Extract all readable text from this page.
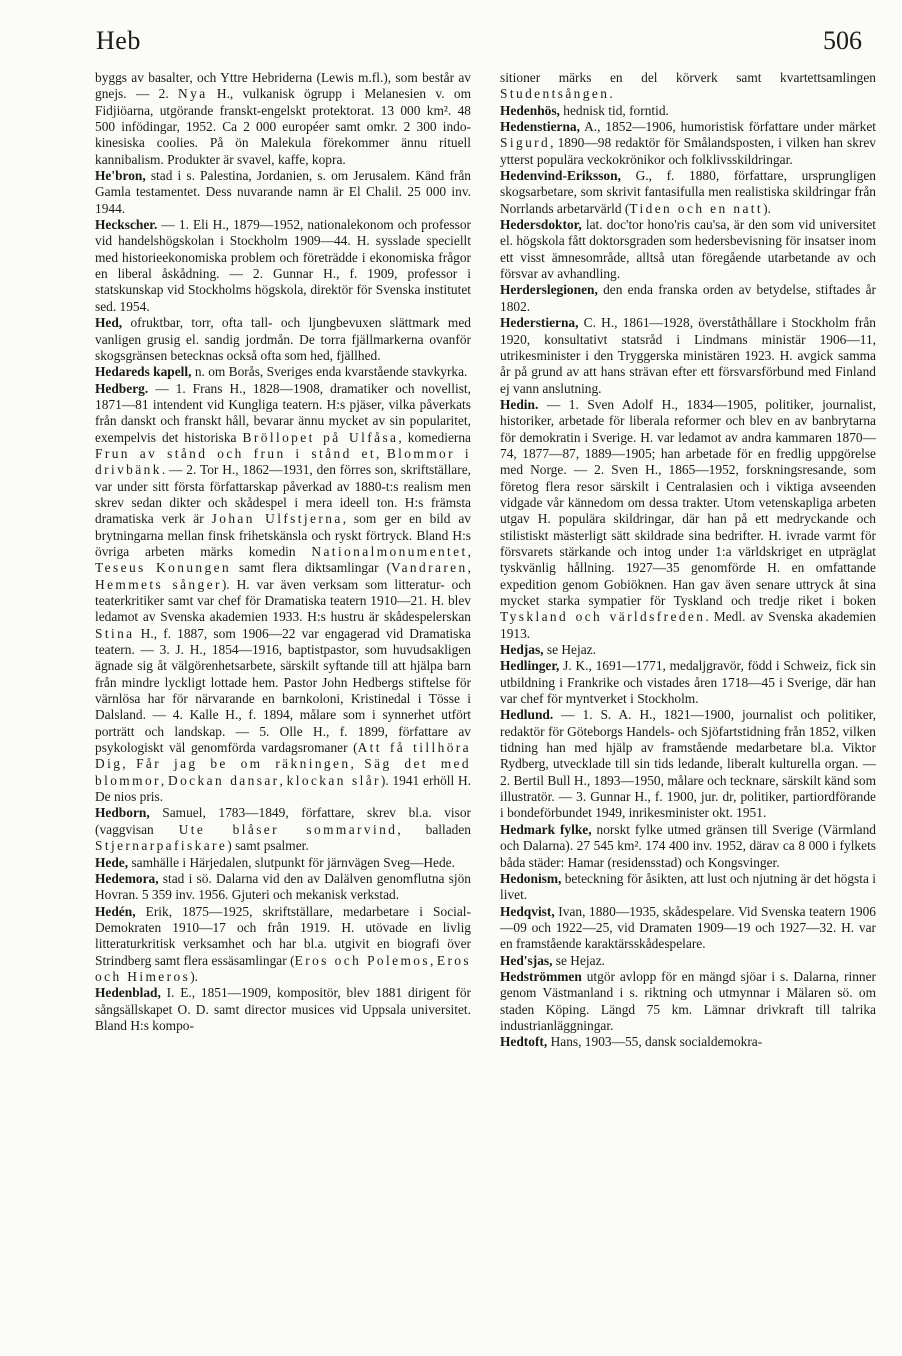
Heb	506

byggs av basalter, och Yttre Hebriderna (Lewis m.fl.), som består av gnejs. — 2. Nya H., vulkanisk ögrupp i Melanesien v. om Fidjiöarna, utgörande franskt-engelskt protektorat. 13 000 km². 48 500 infödingar, 1952. Ca 2 000 européer samt omkr. 2 300 indo-kinesiska coolies. På ön Malekula förekommer ännu rituell kannibalism. Produkter är svavel, kaffe, kopra.

He'bron, stad i s. Palestina, Jordanien, s. om Jerusalem. Känd från Gamla testamentet. Dess nuvarande namn är El Chalil. 25 000 inv. 1944.

Heckscher. — 1. Eli H., 1879—1952, nationalekonom och professor vid handelshögskolan i Stockholm 1909—44. H. sysslade speciellt med historieekonomiska problem och företrädde i ekonomiska frågor en liberal åskådning. — 2. Gunnar H., f. 1909, professor i statskunskap vid Stockholms högskola, direktör för Svenska institutet sed. 1954.

Hed, ofruktbar, torr, ofta tall- och ljungbevuxen slättmark med vanligen grusig el. sandig jordmån. De torra fjällmarkerna ovanför skogsgränsen betecknas också ofta som hed, fjällhed.

Hedareds kapell, n. om Borås, Sveriges enda kvarstående stavkyrka.

Hedberg. — 1. Frans H., 1828—1908, dramatiker och novellist, 1871—81 intendent vid Kungliga teatern. H:s pjäser, vilka påverkats från danskt och franskt håll, bevarar ännu mycket av sin popularitet, exempelvis det historiska Bröllopet på Ulfåsa, komedierna Frun av stånd och frun i stånd et, Blommor i drivbänk. — 2. Tor H., 1862—1931, den förres son, skriftställare, var under sitt första författarskap påverkad av 1880-t:s realism men skrev sedan dikter och skådespel i mera ideell ton. H:s främsta dramatiska verk är Johan Ulfstjerna, som ger en bild av brytningarna mellan finsk frihetskänsla och ryskt förtryck. Bland H:s övriga arbeten märks komedin Nationalmonumentet, Teseus Konungen samt flera diktsamlingar (Vandraren, Hemmets sånger). H. var även verksam som litteratur- och teaterkritiker samt var chef för Dramatiska teatern 1910—21. H. blev ledamot av Svenska akademien 1933. H:s hustru är skådespelerskan Stina H., f. 1887, som 1906—22 var engagerad vid Dramatiska teatern. — 3. J. H., 1854—1916, baptistpastor, som huvudsakligen ägnade sig åt välgörenhetsarbete, särskilt syftande till att hjälpa barn från mindre lyckligt lottade hem. Pastor John Hedbergs stiftelse för värnlösa har för närvarande en barnkoloni, Kristinedal i Tösse i Dalsland. — 4. Kalle H., f. 1894, målare som i synnerhet utfört porträtt och landskap. — 5. Olle H., f. 1899, författare av psykologiskt väl genomförda vardagsromaner (Att få tillhöra Dig, Får jag be om räkningen, Säg det med blommor, Dockan dansar, klockan slår). 1941 erhöll H. De nios pris.

Hedborn, Samuel, 1783—1849, författare, skrev bl.a. visor (vaggvisan Ute blåser sommarvind, balladen Stjernarpafiskare) samt psalmer.

Hede, samhälle i Härjedalen, slutpunkt för järnvägen Sveg—Hede.

Hedemora, stad i sö. Dalarna vid den av Dalälven genomflutna sjön Hovran. 5 359 inv. 1956. Gjuteri och mekanisk verkstad.

Hedén, Erik, 1875—1925, skriftställare, medarbetare i Social-Demokraten 1910—17 och från 1919. H. utövade en livlig litteraturkritisk verksamhet och har bl.a. utgivit en biografi över Strindberg samt flera essäsamlingar (Eros och Polemos, Eros och Himeros).

Hedenblad, I. E., 1851—1909, kompositör, blev 1881 dirigent för sångsällskapet O. D. samt director musices vid Uppsala universitet. Bland H:s kompo-

sitioner märks en del körverk samt kvartettsamlingen Studentsången.

Hedenhös, hednisk tid, forntid.

Hedenstierna, A., 1852—1906, humoristisk författare under märket Sigurd, 1890—98 redaktör för Smålandsposten, i vilken han skrev ytterst populära veckokrönikor och folklivsskildringar.

Hedenvind-Eriksson, G., f. 1880, författare, ursprungligen skogsarbetare, som skrivit fantasifulla men realistiska skildringar från Norrlands arbetarvärld (Tiden och en natt).

Hedersdoktor, lat. doc'tor hono'ris cau'sa, är den som vid universitet el. högskola fått doktorsgraden som hedersbevisning för insatser inom ett visst ämnesområde, alltså utan föregående utarbetande av och försvar av avhandling.

Herderslegionen, den enda franska orden av betydelse, stiftades år 1802.

Hederstierna, C. H., 1861—1928, överståthållare i Stockholm från 1920, konsultativt statsråd i Lindmans ministär 1906—11, utrikesminister i den Tryggerska ministären 1923. H. avgick samma år på grund av att hans strävan efter ett försvarsförbund med Finland ej vann anslutning.

Hedin. — 1. Sven Adolf H., 1834—1905, politiker, journalist, historiker, arbetade för liberala reformer och blev en av banbrytarna för demokratin i Sverige. H. var ledamot av andra kammaren 1870—74, 1877—87, 1889—1905; han arbetade för en fredlig uppgörelse med Norge. — 2. Sven H., 1865—1952, forskningsresande, som företog flera resor särskilt i Centralasien och i viktiga avseenden vidgade vår kännedom om dessa trakter. Utom vetenskapliga arbeten utgav H. populära skildringar, där han på ett medryckande och stilistiskt mästerligt sätt skildrade sina bedrifter. H. ivrade varmt för försvarets stärkande och intog under 1:a världskriget en utpräglat tyskvänlig hållning. 1927—35 genomförde H. en omfattande expedition genom Gobiöknen. Han gav även senare uttryck åt sina mycket starka sympatier för Tyskland och tredje riket i boken Tyskland och världsfreden. Medl. av Svenska akademien 1913.

Hedjas, se Hejaz.

Hedlinger, J. K., 1691—1771, medaljgravör, född i Schweiz, fick sin utbildning i Frankrike och vistades åren 1718—45 i Sverige, där han var chef för myntverket i Stockholm.

Hedlund. — 1. S. A. H., 1821—1900, journalist och politiker, redaktör för Göteborgs Handels- och Sjöfartstidning från 1852, vilken tidning han med hjälp av framstående medarbetare bl.a. Viktor Rydberg, utvecklade till sin tids ledande, liberalt kulturella organ. — 2. Bertil Bull H., 1893—1950, målare och tecknare, särskilt känd som illustratör. — 3. Gunnar H., f. 1900, jur. dr, politiker, partiordförande i bondeförbundet 1949, inrikesminister okt. 1951.

Hedmark fylke, norskt fylke utmed gränsen till Sverige (Värmland och Dalarna). 27 545 km². 174 400 inv. 1952, därav ca 8 000 i fylkets båda städer: Hamar (residensstad) och Kongsvinger.

Hedonism, beteckning för åsikten, att lust och njutning är det högsta i livet.

Hedqvist, Ivan, 1880—1935, skådespelare. Vid Svenska teatern 1906—09 och 1922—25, vid Dramaten 1909—19 och 1927—32. H. var en framstående karaktärsskådespelare.

Hed'sjas, se Hejaz.

Hedströmmen utgör avlopp för en mängd sjöar i s. Dalarna, rinner genom Västmanland i s. riktning och utmynnar i Mälaren sö. om staden Köping. Längd 75 km. Lämnar drivkraft till talrika industrianläggningar.

Hedtoft, Hans, 1903—55, dansk socialdemokra-
